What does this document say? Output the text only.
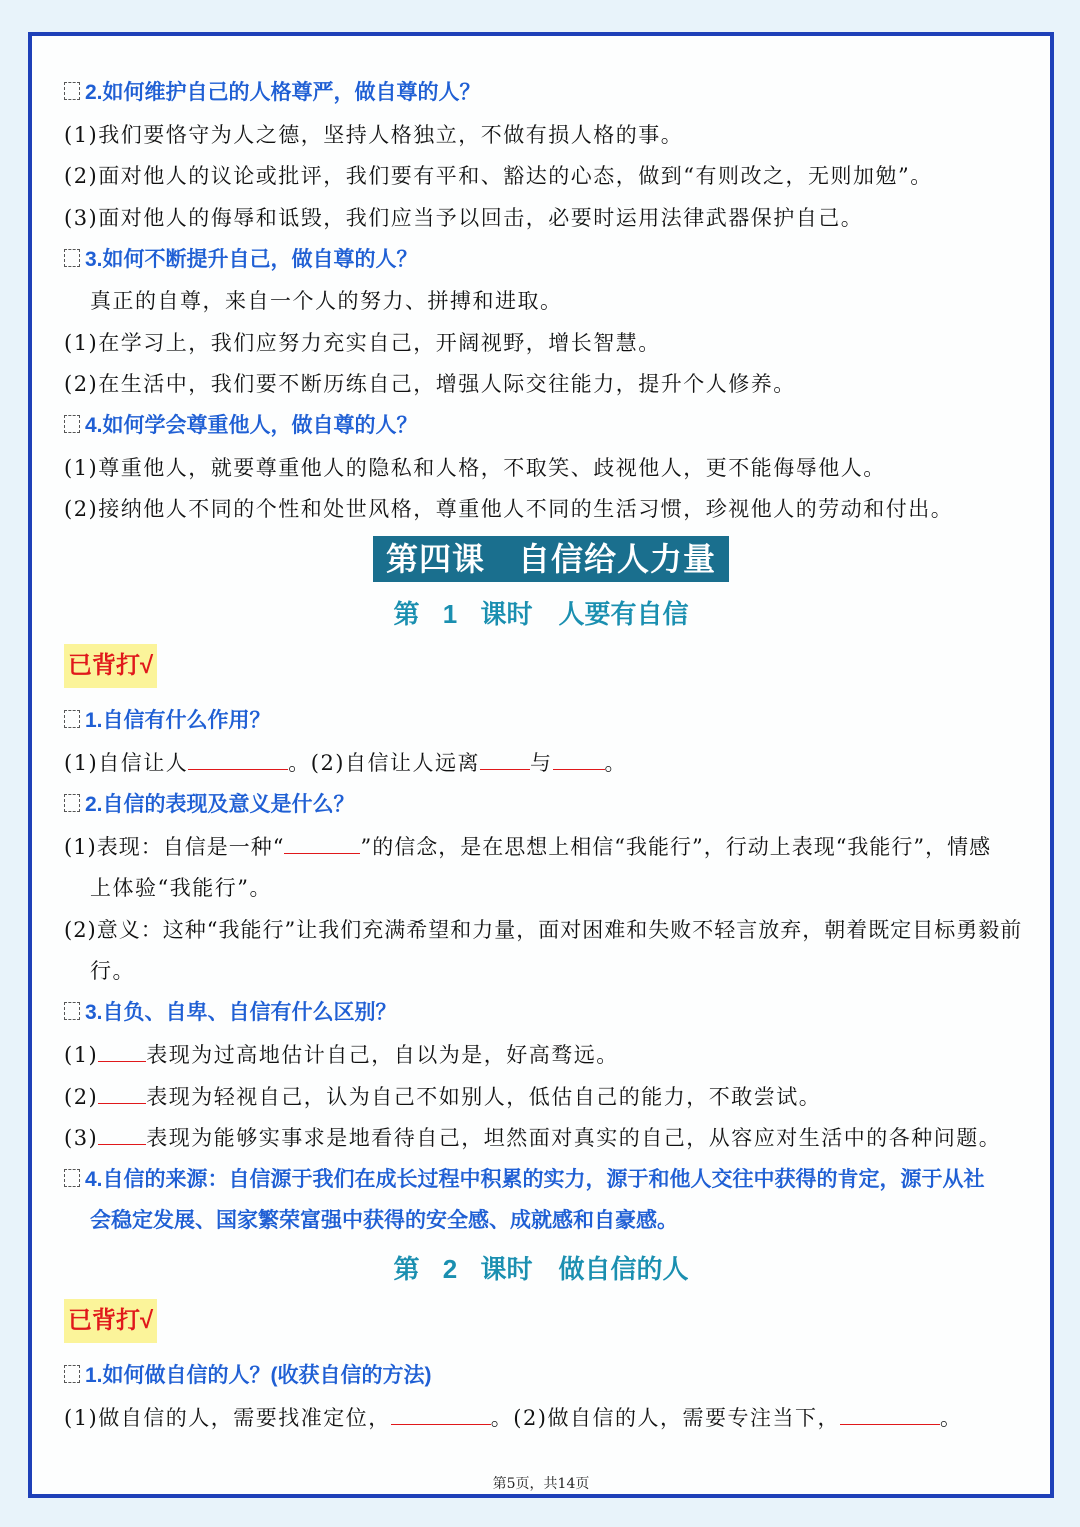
2.如何维护自己的人格尊严，做自尊的人？
(1)我们要恪守为人之德，坚持人格独立，不做有损人格的事。
(2)面对他人的议论或批评，我们要有平和、豁达的心态，做到“有则改之，无则加勉”。
(3)面对他人的侮辱和诋毁，我们应当予以回击，必要时运用法律武器保护自己。
3.如何不断提升自己，做自尊的人？
真正的自尊，来自一个人的努力、拼搏和进取。
(1)在学习上，我们应努力充实自己，开阔视野，增长智慧。
(2)在生活中，我们要不断历练自己，增强人际交往能力，提升个人修养。
4.如何学会尊重他人，做自尊的人？
(1)尊重他人，就要尊重他人的隐私和人格，不取笑、歧视他人，更不能侮辱他人。
(2)接纳他人不同的个性和处世风格，尊重他人不同的生活习惯，珍视他人的劳动和付出。
第四课　自信给人力量
第 1 课时　人要有自信
已背打√
1.自信有什么作用？
(1)自信让人	。(2)自信让人远离 与 。
2.自信的表现及意义是什么？
(1)表现：自信是一种“	”的信念，是在思想上相信“我能行”，行动上表现“我能行”，情感
上体验“我能行”。
(2)意义：这种“我能行”让我们充满希望和力量，面对困难和失败不轻言放弃，朝着既定目标勇毅前
行。
3.自负、自卑、自信有什么区别？
(1) 表现为过高地估计自己，自以为是，好高骛远。
(2) 表现为轻视自己，认为自己不如别人，低估自己的能力，不敢尝试。
(3) 表现为能够实事求是地看待自己，坦然面对真实的自己，从容应对生活中的各种问题。
4.自信的来源：自信源于我们在成长过程中积累的实力，源于和他人交往中获得的肯定，源于从社
会稳定发展、国家繁荣富强中获得的安全感、成就感和自豪感。
第 2 课时　做自信的人
已背打√
1.如何做自信的人？(收获自信的方法)
(1)做自信的人，需要找准定位，	。(2)做自信的人，需要专注当下，	。
第5页，共14页
